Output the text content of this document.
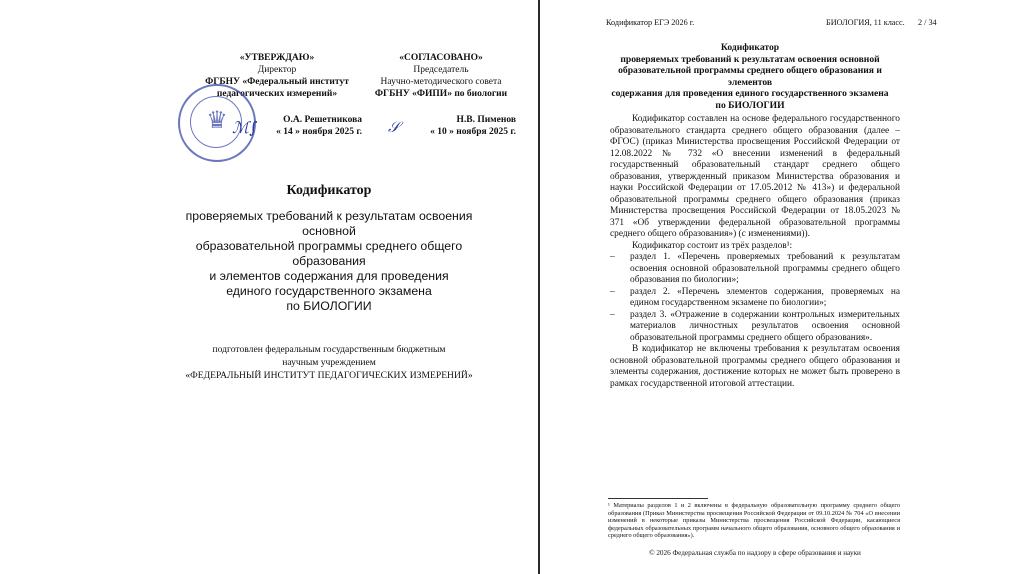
«УТВЕРЖДАЮ»
Директор
ФГБНУ «Федеральный институт
педагогических измерений»
О.А. Решетникова
« 14 » ноября 2025 г.
♛ ℳ∫
«СОГЛАСОВАНО»
Председатель
Научно-методического совета
ФГБНУ «ФИПИ» по биологии
Н.В. Пименов
« 10 » ноября 2025 г.
𝒮
Кодификатор
проверяемых требований к результатам освоения основной
образовательной программы среднего общего образования
и элементов содержания для проведения
единого государственного экзамена
по БИОЛОГИИ
подготовлен федеральным государственным бюджетным
научным учреждением
«ФЕДЕРАЛЬНЫЙ ИНСТИТУТ ПЕДАГОГИЧЕСКИХ ИЗМЕРЕНИЙ»
Кодификатор ЕГЭ 2026 г.	БИОЛОГИЯ, 11 класс. 2 / 34
Кодификатор
проверяемых требований к результатам освоения основной
образовательной программы среднего общего образования и элементов
содержания для проведения единого государственного экзамена
по БИОЛОГИИ

Кодификатор составлен на основе федерального государственного образовательного стандарта среднего общего образования (далее – ФГОС) (приказ Министерства просвещения Российской Федерации от 12.08.2022 № 732 «О внесении изменений в федеральный государственный образовательный стандарт среднего общего образования, утвержденный приказом Министерства образования и науки Российской Федерации от 17.05.2012 № 413») и федеральной образовательной программы среднего общего образования (приказ Министерства просвещения Российской Федерации от 18.05.2023 № 371 «Об утверждении федеральной образовательной программы среднего общего образования») (с изменениями)).

Кодификатор состоит из трёх разделов¹:

– раздел 1. «Перечень проверяемых требований к результатам освоения основной образовательной программы среднего общего образования по биологии»;
– раздел 2. «Перечень элементов содержания, проверяемых на едином государственном экзамене по биологии»;
– раздел 3. «Отражение в содержании контрольных измерительных материалов личностных результатов освоения основной образовательной программы среднего общего образования».

В кодификатор не включены требования к результатам освоения основной образовательной программы среднего общего образования и элементы содержания, достижение которых не может быть проверено в рамках государственной итоговой аттестации.

¹ Материалы разделов 1 и 2 включены в федеральную образовательную программу среднего общего образования (Приказ Министерства просвещения Российской Федерации от 09.10.2024 № 704 «О внесении изменений в некоторые приказы Министерства просвещения Российской Федерации, касающиеся федеральных образовательных программ начального общего образования, основного общего образования и среднего общего образования»).
© 2026 Федеральная служба по надзору в сфере образования и науки
